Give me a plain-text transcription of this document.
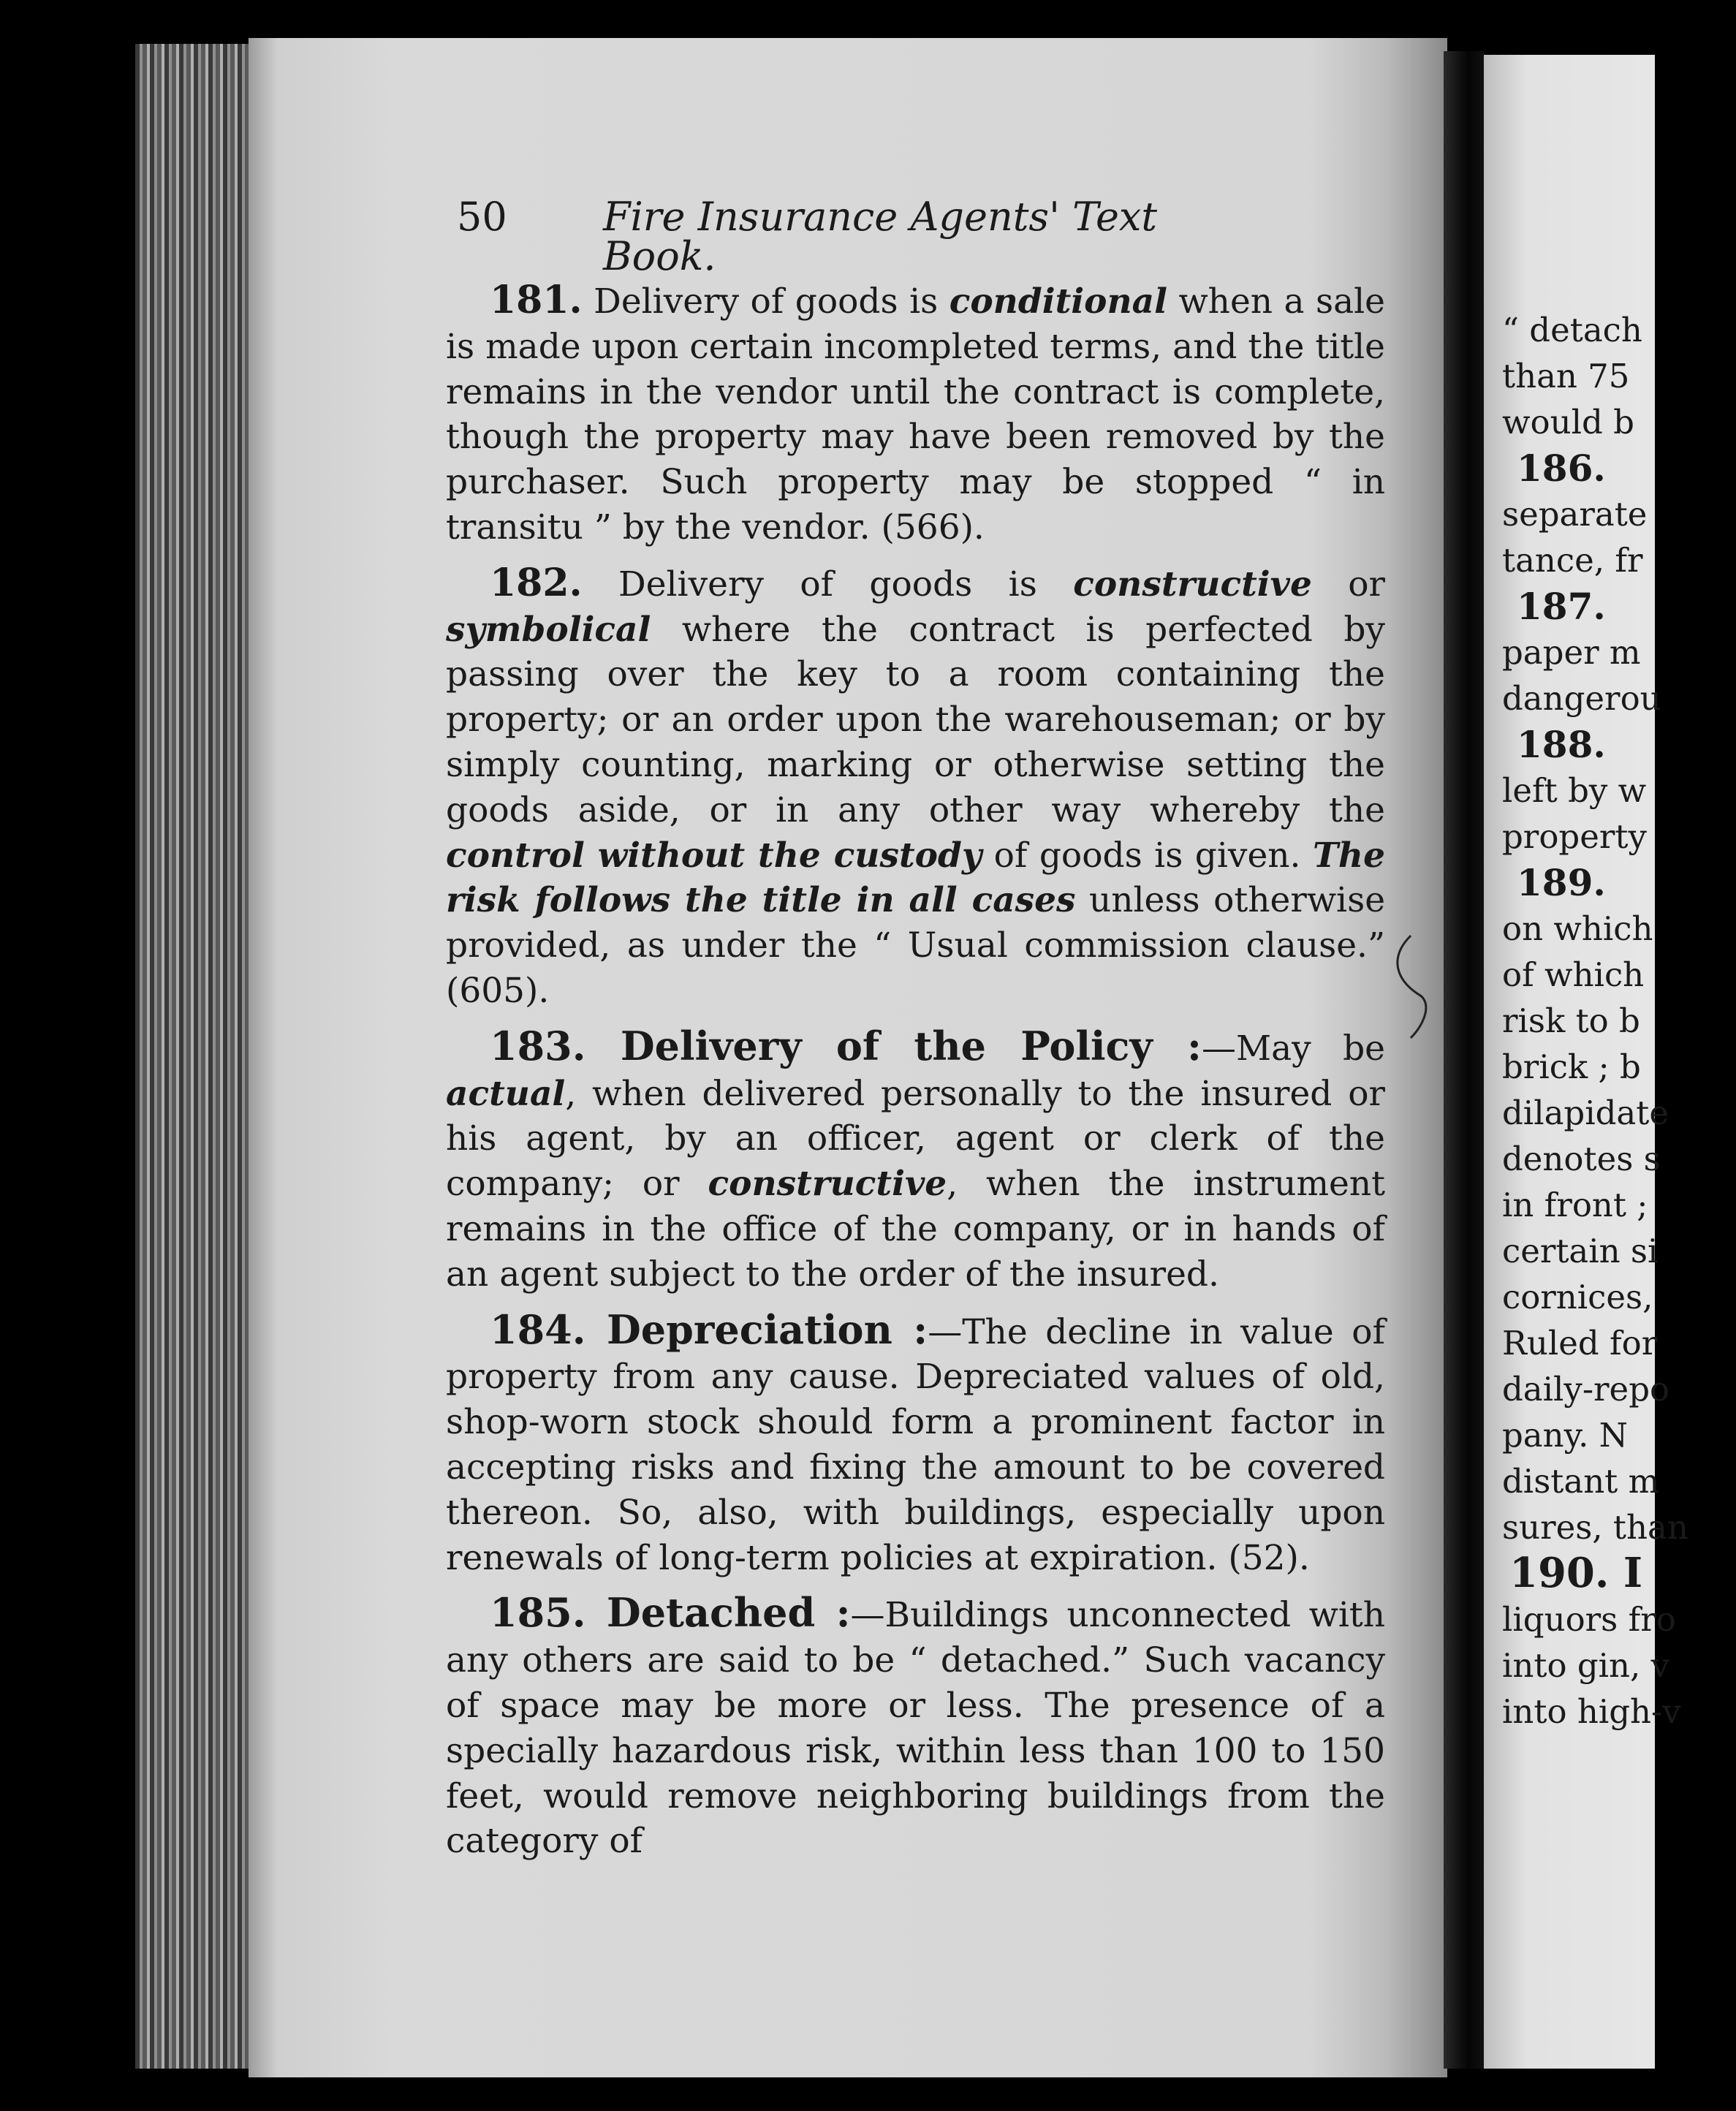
50 Fire Insurance Agents' Text Book.

181. Delivery of goods is conditional when a sale is made upon certain incompleted terms, and the title remains in the vendor until the contract is complete, though the property may have been removed by the purchaser. Such property may be stopped “ in transitu ” by the vendor. (566).

182. Delivery of goods is constructive or symbolical where the contract is perfected by passing over the key to a room containing the property; or an order upon the warehouseman; or by simply counting, marking or otherwise setting the goods aside, or in any other way whereby the control without the custody of goods is given. The risk follows the title in all cases unless otherwise provided, as under the “ Usual commission clause.” (605).

183. Delivery of the Policy :—May be actual, when delivered personally to the insured or his agent, by an officer, agent or clerk of the company; or constructive, when the instrument remains in the office of the company, or in hands of an agent subject to the order of the insured.

184. Depreciation :—The decline in value of property from any cause. Depreciated values of old, shop-worn stock should form a prominent factor in accepting risks and fixing the amount to be covered thereon. So, also, with buildings, especially upon renewals of long-term policies at expiration. (52).

185. Detached :—Buildings unconnected with any others are said to be “ detached.” Such vacancy of space may be more or less. The presence of a specially hazardous risk, within less than 100 to 150 feet, would remove neighboring buildings from the category of

“ detach
than 75
would b
186.
separate
tance, fr
187.
paper m
dangerou
188.
left by w
property
189.
on which
of which
risk to b
brick ; b
dilapidate
denotes s
in front ;
certain si
cornices,
Ruled for
daily-repo
pany. N
distant m
sures, than
190. I
liquors fro
into gin, v
into high-v
